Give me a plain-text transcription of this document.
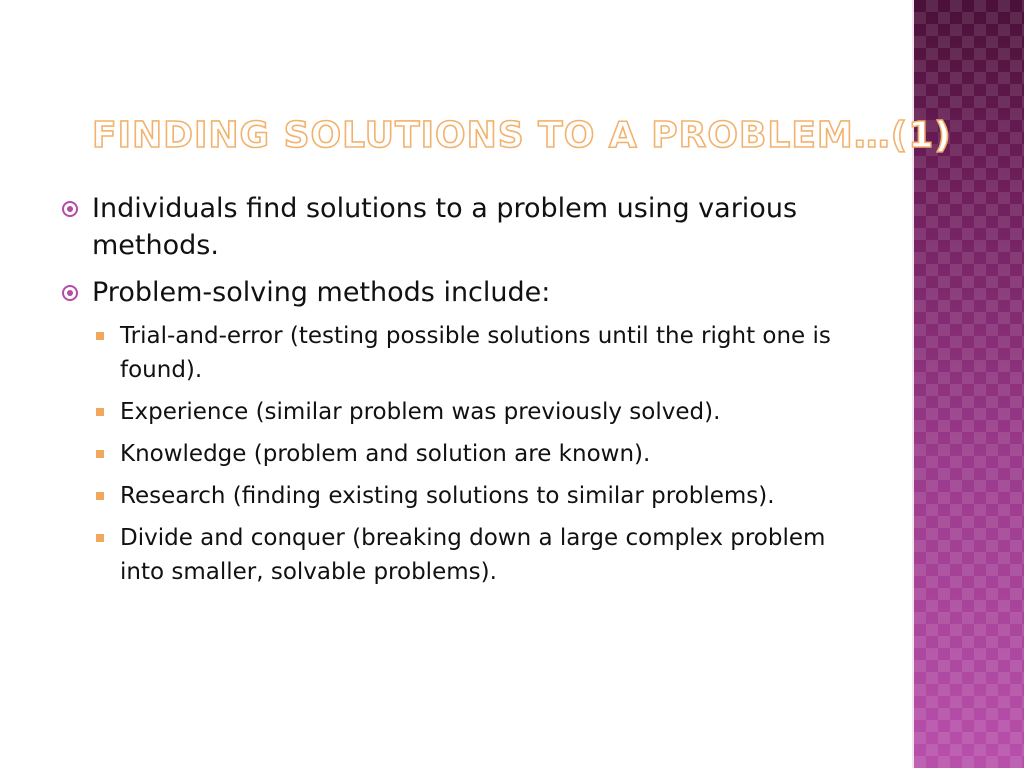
FINDING SOLUTIONS TO A PROBLEM…(1)
Individuals find solutions to a problem using various methods.
Problem-solving methods include:
Trial-and-error (testing possible solutions until the right one is found).
Experience (similar problem was previously solved).
Knowledge (problem and solution are known).
Research (finding existing solutions to similar problems).
Divide and conquer (breaking down a large complex problem into smaller, solvable problems).
